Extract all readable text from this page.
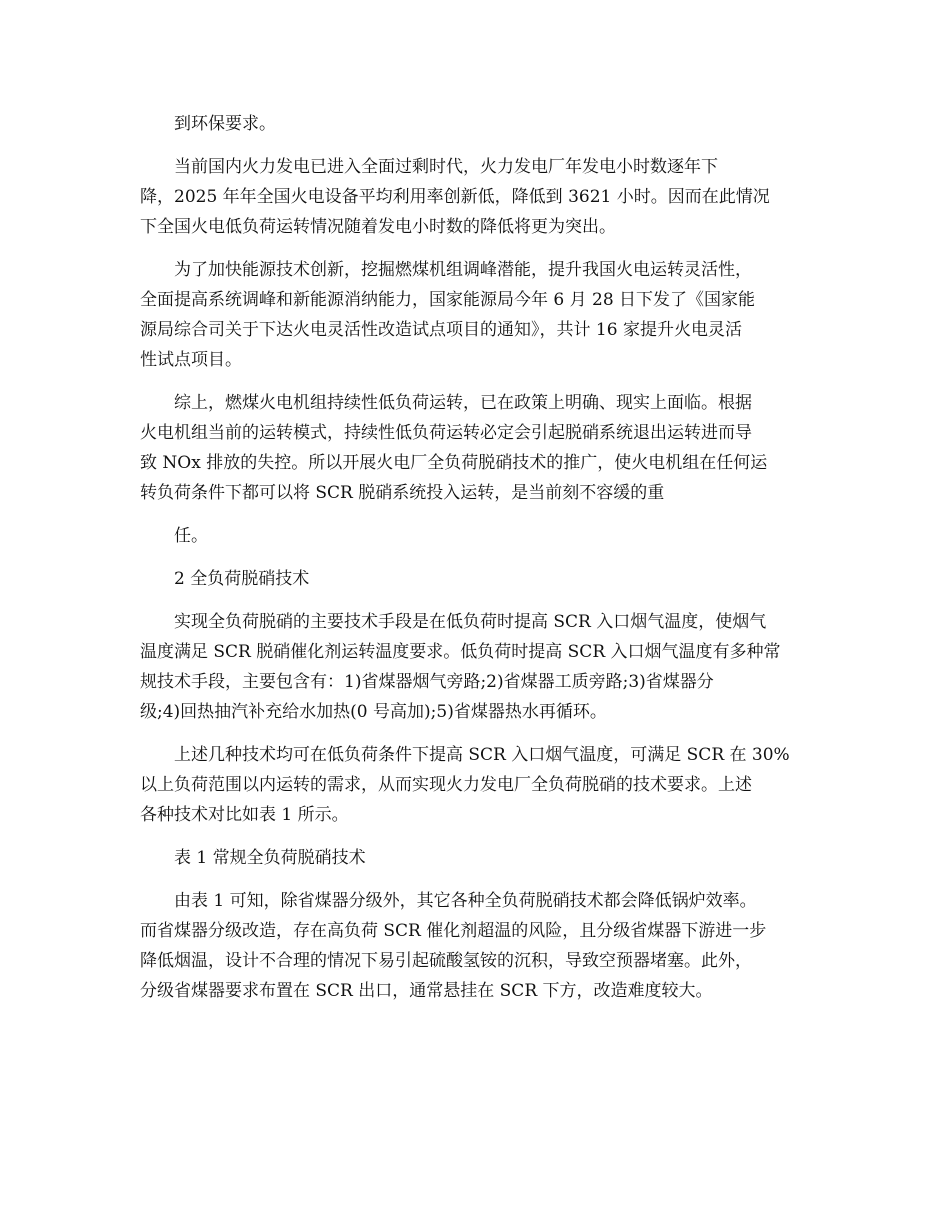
到环保要求。

当前国内火力发电已进入全面过剩时代，火力发电厂年发电小时数逐年下
降，2025 年年全国火电设备平均利用率创新低，降低到 3621 小时。因而在此情况
下全国火电低负荷运转情况随着发电小时数的降低将更为突出。

为了加快能源技术创新，挖掘燃煤机组调峰潜能，提升我国火电运转灵活性，
全面提高系统调峰和新能源消纳能力，国家能源局今年 6 月 28 日下发了《国家能
源局综合司关于下达火电灵活性改造试点项目的通知》，共计 16 家提升火电灵活
性试点项目。

综上，燃煤火电机组持续性低负荷运转，已在政策上明确、现实上面临。根据
火电机组当前的运转模式，持续性低负荷运转必定会引起脱硝系统退出运转进而导
致 NOx 排放的失控。所以开展火电厂全负荷脱硝技术的推广，使火电机组在任何运
转负荷条件下都可以将 SCR 脱硝系统投入运转，是当前刻不容缓的重

任。

2 全负荷脱硝技术

实现全负荷脱硝的主要技术手段是在低负荷时提高 SCR 入口烟气温度，使烟气
温度满足 SCR 脱硝催化剂运转温度要求。低负荷时提高 SCR 入口烟气温度有多种常
规技术手段，主要包含有：1)省煤器烟气旁路;2)省煤器工质旁路;3)省煤器分
级;4)回热抽汽补充给水加热(0 号高加);5)省煤器热水再循环。

上述几种技术均可在低负荷条件下提高 SCR 入口烟气温度，可满足 SCR 在 30%
以上负荷范围以内运转的需求，从而实现火力发电厂全负荷脱硝的技术要求。上述
各种技术对比如表 1 所示。

表 1 常规全负荷脱硝技术

由表 1 可知，除省煤器分级外，其它各种全负荷脱硝技术都会降低锅炉效率。
而省煤器分级改造，存在高负荷 SCR 催化剂超温的风险，且分级省煤器下游进一步
降低烟温，设计不合理的情况下易引起硫酸氢铵的沉积，导致空预器堵塞。此外，
分级省煤器要求布置在 SCR 出口，通常悬挂在 SCR 下方，改造难度较大。
